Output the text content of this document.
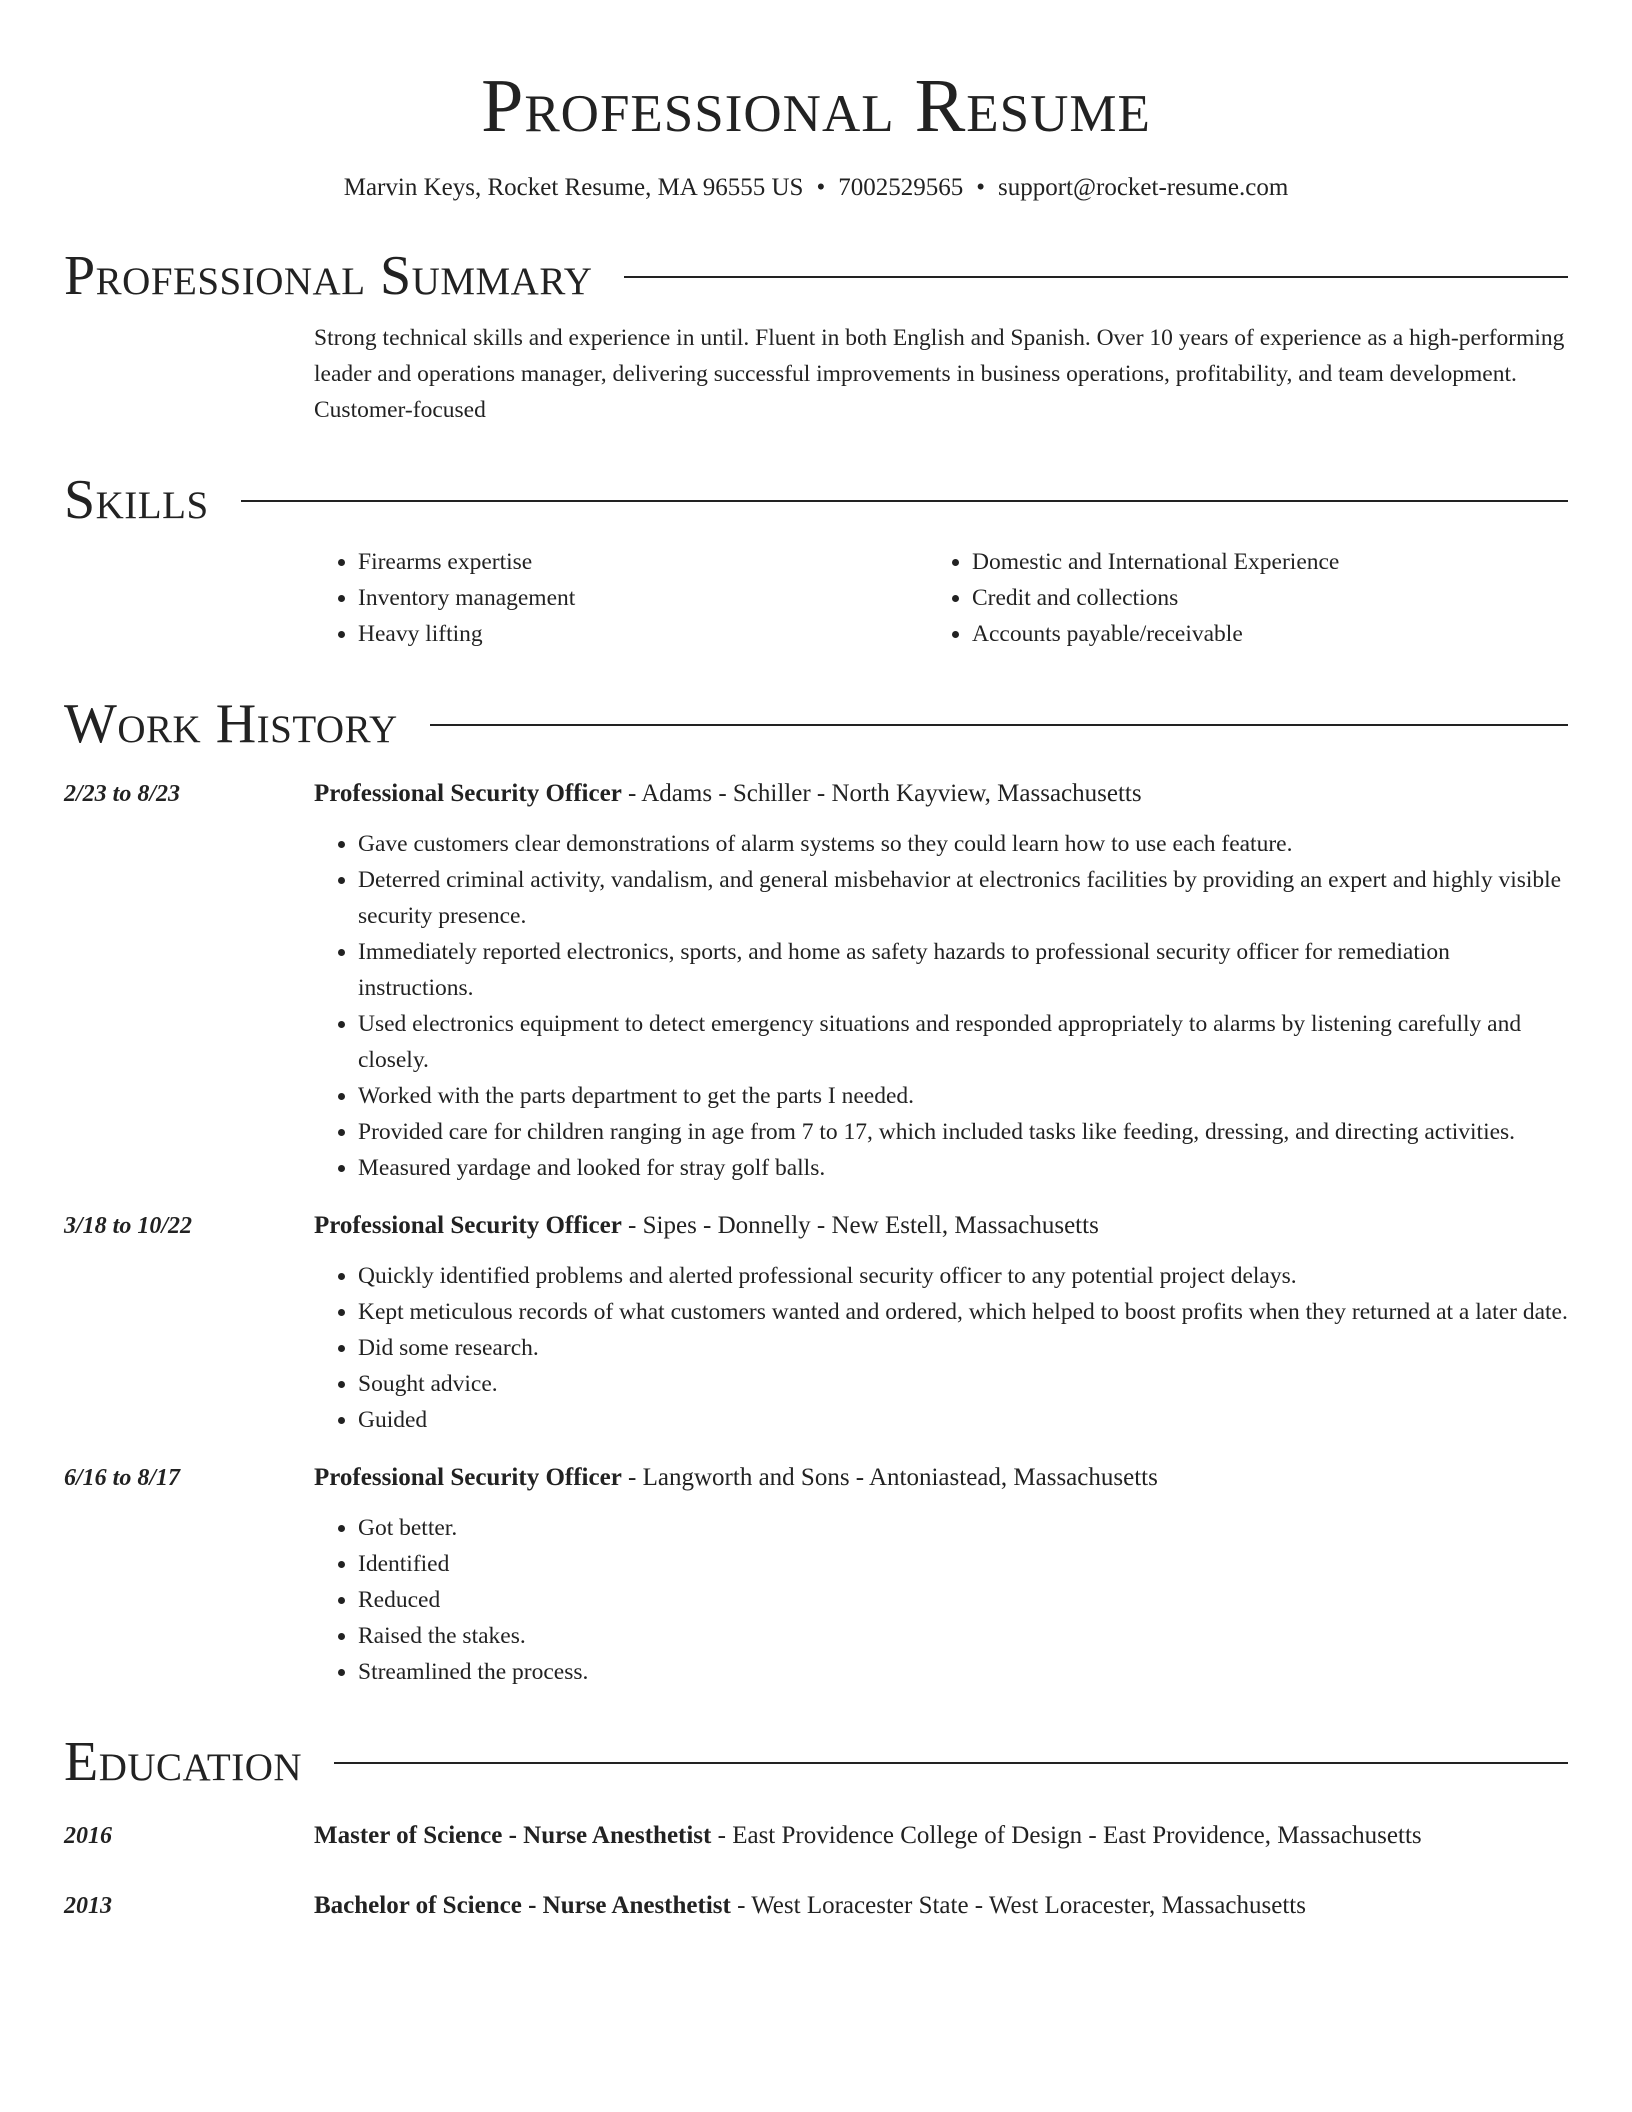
Professional Resume
Marvin Keys, Rocket Resume, MA 96555 US • 7002529565 • support@rocket-resume.com
Professional Summary
Strong technical skills and experience in until. Fluent in both English and Spanish. Over 10 years of experience as a high-performing leader and operations manager, delivering successful improvements in business operations, profitability, and team development. Customer-focused
Skills
• Firearms expertise
• Inventory management
• Heavy lifting
• Domestic and International Experience
• Credit and collections
• Accounts payable/receivable
Work History
2/23 to 8/23	Professional Security Officer - Adams - Schiller - North Kayview, Massachusetts
• Gave customers clear demonstrations of alarm systems so they could learn how to use each feature.
• Deterred criminal activity, vandalism, and general misbehavior at electronics facilities by providing an expert and highly visible security presence.
• Immediately reported electronics, sports, and home as safety hazards to professional security officer for remediation instructions.
• Used electronics equipment to detect emergency situations and responded appropriately to alarms by listening carefully and closely.
• Worked with the parts department to get the parts I needed.
• Provided care for children ranging in age from 7 to 17, which included tasks like feeding, dressing, and directing activities.
• Measured yardage and looked for stray golf balls.
3/18 to 10/22	Professional Security Officer - Sipes - Donnelly - New Estell, Massachusetts
• Quickly identified problems and alerted professional security officer to any potential project delays.
• Kept meticulous records of what customers wanted and ordered, which helped to boost profits when they returned at a later date.
• Did some research.
• Sought advice.
• Guided
6/16 to 8/17	Professional Security Officer - Langworth and Sons - Antoniastead, Massachusetts
• Got better.
• Identified
• Reduced
• Raised the stakes.
• Streamlined the process.
Education
2016	Master of Science - Nurse Anesthetist - East Providence College of Design - East Providence, Massachusetts
2013	Bachelor of Science - Nurse Anesthetist - West Loracester State - West Loracester, Massachusetts
